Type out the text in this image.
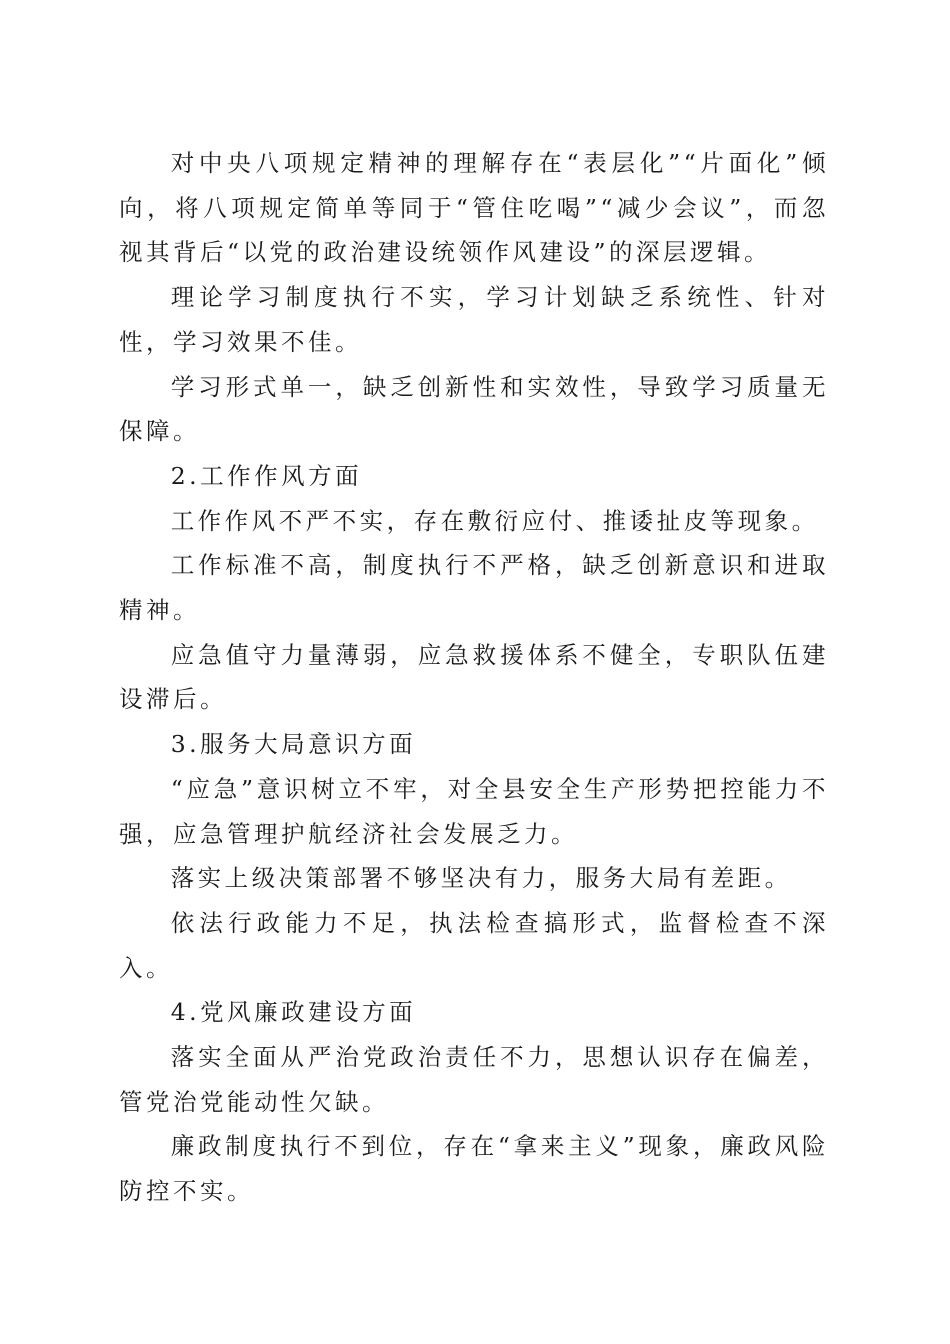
对中央八项规定精神的理解存在“表层化”“片面化”倾向，将八项规定简单等同于“管住吃喝”“减少会议”，而忽视其背后“以党的政治建设统领作风建设”的深层逻辑。

理论学习制度执行不实，学习计划缺乏系统性、针对性，学习效果不佳。

学习形式单一，缺乏创新性和实效性，导致学习质量无保障。

2.工作作风方面

工作作风不严不实，存在敷衍应付、推诿扯皮等现象。

工作标准不高，制度执行不严格，缺乏创新意识和进取精神。

应急值守力量薄弱，应急救援体系不健全，专职队伍建设滞后。

3.服务大局意识方面

“应急”意识树立不牢，对全县安全生产形势把控能力不强，应急管理护航经济社会发展乏力。

落实上级决策部署不够坚决有力，服务大局有差距。

依法行政能力不足，执法检查搞形式，监督检查不深入。

4.党风廉政建设方面

落实全面从严治党政治责任不力，思想认识存在偏差，管党治党能动性欠缺。

廉政制度执行不到位，存在“拿来主义”现象，廉政风险防控不实。
